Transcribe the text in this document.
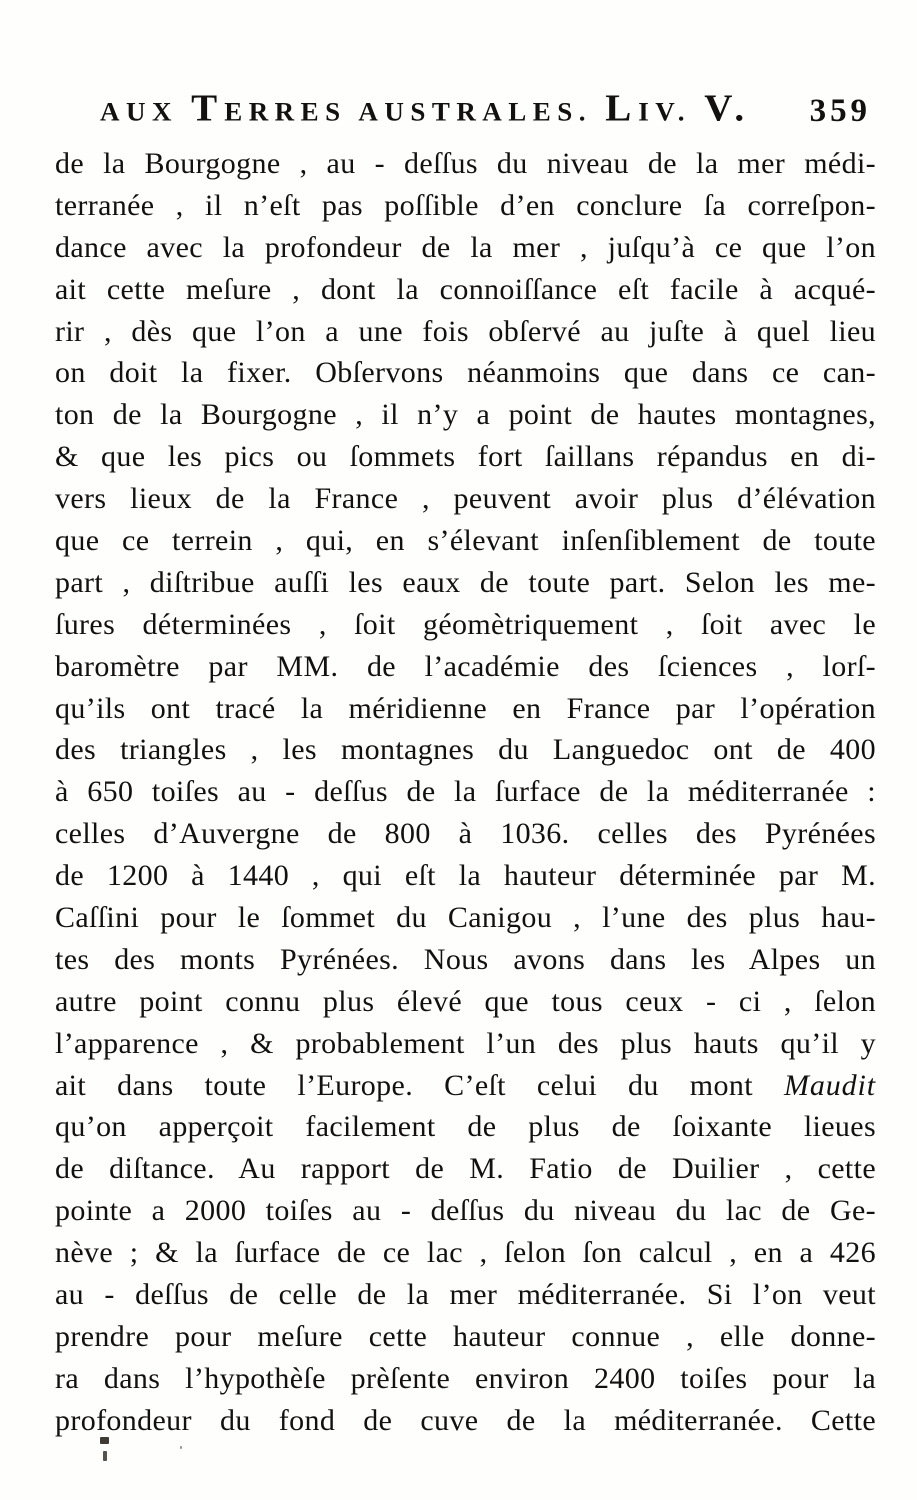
AUX TERRES AUSTRALES. LIV. V. 359
de la Bourgogne , au - deſſus du niveau de la mer médi-
terranée , il n’eſt pas poſſible d’en conclure ſa correſpon-
dance avec la profondeur de la mer , juſqu’à ce que l’on
ait cette meſure , dont la connoiſſance eſt facile à acqué-
rir , dès que l’on a une fois obſervé au juſte à quel lieu
on doit la fixer. Obſervons néanmoins que dans ce can-
ton de la Bourgogne , il n’y a point de hautes montagnes,
& que les pics ou ſommets fort ſaillans répandus en di-
vers lieux de la France , peuvent avoir plus d’élévation
que ce terrein , qui, en s’élevant inſenſiblement de toute
part , diſtribue auſſi les eaux de toute part. Selon les me-
ſures déterminées , ſoit géomètriquement , ſoit avec le
baromètre par MM. de l’académie des ſciences , lorſ-
qu’ils ont tracé la méridienne en France par l’opération
des triangles , les montagnes du Languedoc ont de 400
à 650 toiſes au - deſſus de la ſurface de la méditerranée :
celles d’Auvergne de 800 à 1036. celles des Pyrénées
de 1200 à 1440 , qui eſt la hauteur déterminée par M.
Caſſini pour le ſommet du Canigou , l’une des plus hau-
tes des monts Pyrénées. Nous avons dans les Alpes un
autre point connu plus élevé que tous ceux - ci , ſelon
l’apparence , & probablement l’un des plus hauts qu’il y
ait dans toute l’Europe. C’eſt celui du mont Maudit
qu’on apperçoit facilement de plus de ſoixante lieues
de diſtance. Au rapport de M. Fatio de Duilier , cette
pointe a 2000 toiſes au - deſſus du niveau du lac de Ge-
nève ; & la ſurface de ce lac , ſelon ſon calcul , en a 426
au - deſſus de celle de la mer méditerranée. Si l’on veut
prendre pour meſure cette hauteur connue , elle donne-
ra dans l’hypothèſe prèſente environ 2400 toiſes pour la
profondeur du fond de cuve de la méditerranée. Cette
